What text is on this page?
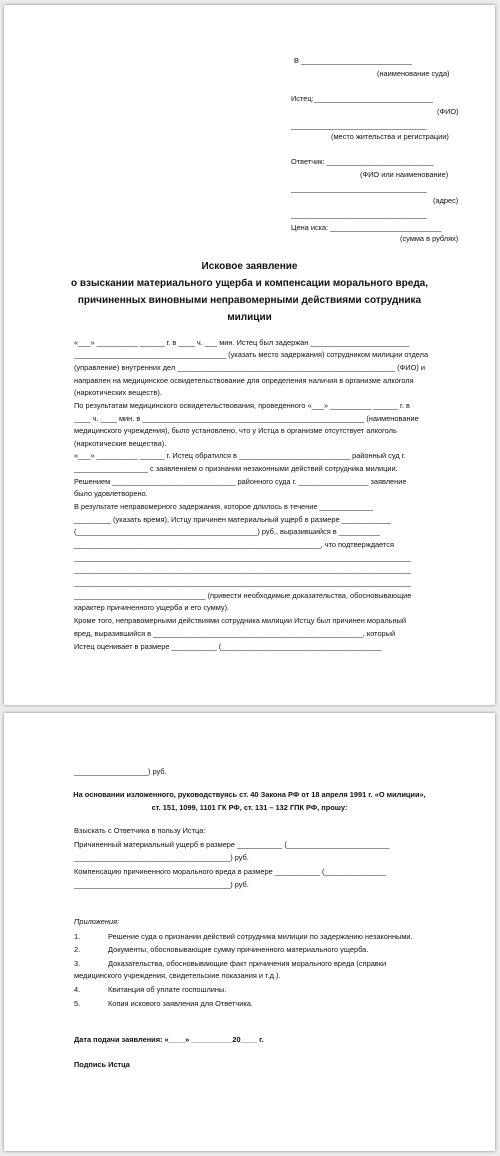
В ___________________________
(наименование суда)
Истец:_____________________________
(ФИО)
_________________________________
(место жительства и регистрации)
Ответчик: __________________________
(ФИО или наименование)
_________________________________
(адрес)
_________________________________
Цена иска: ___________________________
(сумма в рублях)
Исковое заявление
о взыскании материального ущерба и компенсации морального вреда,
причиненных виновными неправомерными действиями сотрудника
милиции
«___» __________ ______ г. в ____ ч. ___ мин. Истец был задержан ________________________
_____________________________________ (указать место задержания) сотрудником милиции отдела
(управление) внутренних дел _____________________________________________________ (ФИО) и
направлен на медицинское освидетельствование для определения наличия в организме алкоголя
(наркотических веществ).
По результатам медицинского освидетельствования, проведенного «___» __________ ______ г. в
____ ч. ____ мин. в ______________________________________________________ (наименование
медицинского учреждения), было установлено, что у Истца в организме отсутствует алкоголь
(наркотические вещества).
«___» __________ ______ г. Истец обратился в ___________________________ районный суд г.
__________________ с заявлением о признании незаконными действий сотрудника милиции.
Решением ______________________________ районного суда г. _________________ заявление
было удовлетворено.
В результате неправомерного задержания, которое длилось в течение _____________
_________ (указать время), Истцу причинен материальный ущерб в размере ____________
(____________________________________________) руб., выразившийся в __________
____________________________________________________________, что подтверждается
__________________________________________________________________________________
__________________________________________________________________________________
__________________________________________________________________________________
________________________________ (привести необходимые доказательства, обосновывающие
характер причиненного ущерба и его сумму).
Кроме того, неправомерными действиями сотрудника милиции Истцу был причинен моральный
вред, выразившийся в ___________________________________________________, который
Истец оценивает в размере ___________ (_______________________________________
__________________) руб.
На основании изложенного, руководствуясь ст. 40 Закона РФ от 18 апреля 1991 г. «О милиции»,
ст. 151, 1099, 1101 ГК РФ, ст. 131 – 132 ГПК РФ, прошу:
Взыскать с Ответчика в пользу Истца:
Причиненный материальный ущерб в размере ___________ (_________________________
______________________________________) руб.
Компенсацию причиненного морального вреда в размере ___________ (_______________
______________________________________) руб.
Приложения:
1.	Решение суда о признании действий сотрудника милиции по задержанию незаконными.
2.	Документы, обосновывающие сумму причиненного материального ущерба.
3.	Доказательства, обосновывающие факт причинения морального вреда (справки
медицинского учреждения, свидетельские показания и т.д.).
4.	Квитанция об уплате госпошлины.
5.	Копия искового заявления для Ответчика.
Дата подачи заявления: «____» __________20____ г.
Подпись Истца
